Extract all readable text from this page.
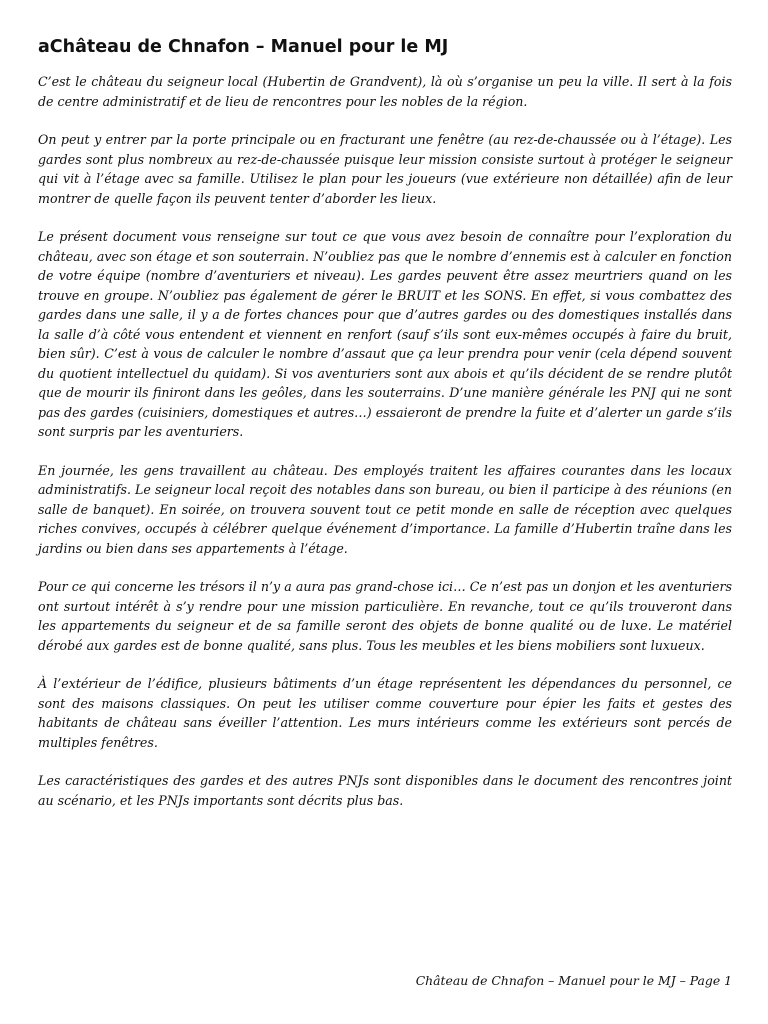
aChâteau de Chnafon – Manuel pour le MJ

C’est le château du seigneur local (Hubertin de Grandvent), là où s’organise un peu la ville. Il sert à la fois de centre administratif et de lieu de rencontres pour les nobles de la région.

On peut y entrer par la porte principale ou en fracturant une fenêtre (au rez-de-chaussée ou à l’étage). Les gardes sont plus nombreux au rez-de-chaussée puisque leur mission consiste surtout à protéger le seigneur qui vit à l’étage avec sa famille. Utilisez le plan pour les joueurs (vue extérieure non détaillée) afin de leur montrer de quelle façon ils peuvent tenter d’aborder les lieux.

Le présent document vous renseigne sur tout ce que vous avez besoin de connaître pour l’exploration du château, avec son étage et son souterrain. N’oubliez pas que le nombre d’ennemis est à calculer en fonction de votre équipe (nombre d’aventuriers et niveau). Les gardes peuvent être assez meurtriers quand on les trouve en groupe. N’oubliez pas également de gérer le BRUIT et les SONS. En effet, si vous combattez des gardes dans une salle, il y a de fortes chances pour que d’autres gardes ou des domestiques installés dans la salle d’à côté vous entendent et viennent en renfort (sauf s’ils sont eux-mêmes occupés à faire du bruit, bien sûr). C’est à vous de calculer le nombre d’assaut que ça leur prendra pour venir (cela dépend souvent du quotient intellectuel du quidam). Si vos aventuriers sont aux abois et qu’ils décident de se rendre plutôt que de mourir ils finiront dans les geôles, dans les souterrains. D’une manière générale les PNJ qui ne sont pas des gardes (cuisiniers, domestiques et autres…) essaieront de prendre la fuite et d’alerter un garde s’ils sont surpris par les aventuriers.

En journée, les gens travaillent au château. Des employés traitent les affaires courantes dans les locaux administratifs. Le seigneur local reçoit des notables dans son bureau, ou bien il participe à des réunions (en salle de banquet). En soirée, on trouvera souvent tout ce petit monde en salle de réception avec quelques riches convives, occupés à célébrer quelque événement d’importance. La famille d’Hubertin traîne dans les jardins ou bien dans ses appartements à l’étage.

Pour ce qui concerne les trésors il n’y a aura pas grand-chose ici… Ce n’est pas un donjon et les aventuriers ont surtout intérêt à s’y rendre pour une mission particulière. En revanche, tout ce qu’ils trouveront dans les appartements du seigneur et de sa famille seront des objets de bonne qualité ou de luxe. Le matériel dérobé aux gardes est de bonne qualité, sans plus. Tous les meubles et les biens mobiliers sont luxueux.

À l’extérieur de l’édifice, plusieurs bâtiments d’un étage représentent les dépendances du personnel, ce sont des maisons classiques. On peut les utiliser comme couverture pour épier les faits et gestes des habitants de château sans éveiller l’attention. Les murs intérieurs comme les extérieurs sont percés de multiples fenêtres.

Les caractéristiques des gardes et des autres PNJs sont disponibles dans le document des rencontres joint au scénario, et les PNJs importants sont décrits plus bas.

Château de Chnafon – Manuel pour le MJ – Page 1
